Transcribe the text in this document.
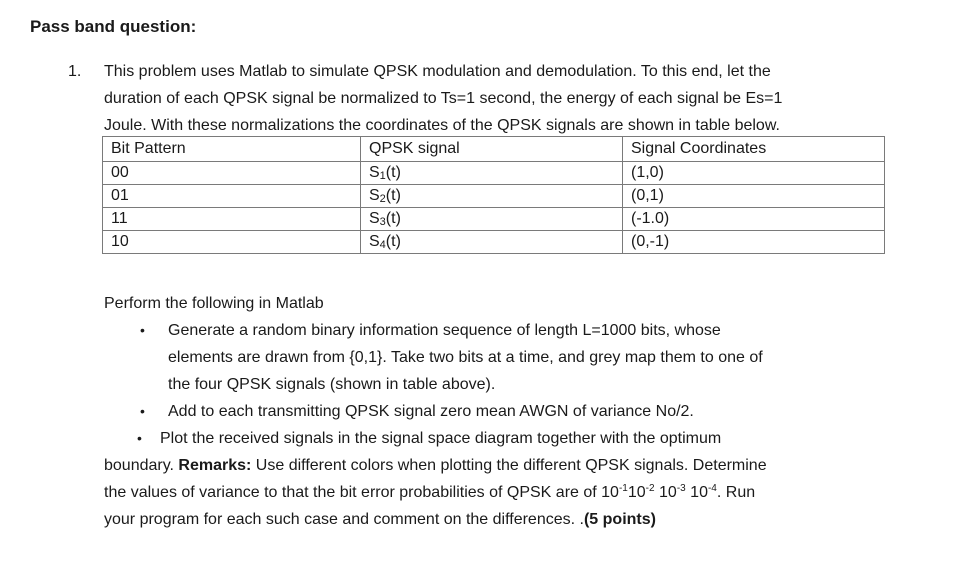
Pass band question:
1. This problem uses Matlab to simulate QPSK modulation and demodulation. To this end, let the
duration of each QPSK signal be normalized to Ts=1 second, the energy of each signal be Es=1
Joule. With these normalizations the coordinates of the QPSK signals are shown in table below.
Bit Pattern	QPSK signal	Signal Coordinates
00	$S_1(t)$	(1,0)
01	$S_2(t)$	(0,1)
11	$S_3(t)$	(-1.0)
10	$S_4(t)$	(0,-1)
Perform the following in Matlab
• Generate a random binary information sequence of length L=1000 bits, whose
elements are drawn from {0,1}. Take two bits at a time, and grey map them to one of
the four QPSK signals (shown in table above).
• Add to each transmitting QPSK signal zero mean AWGN of variance No/2.
• Plot the received signals in the signal space diagram together with the optimum
boundary. Remarks: Use different colors when plotting the different QPSK signals. Determine
the values of variance to that the bit error probabilities of QPSK are of $10^{-1}10^{-2}$ $10^{-3}$ $10^{-4}$. Run
your program for each such case and comment on the differences. .(5 points)
